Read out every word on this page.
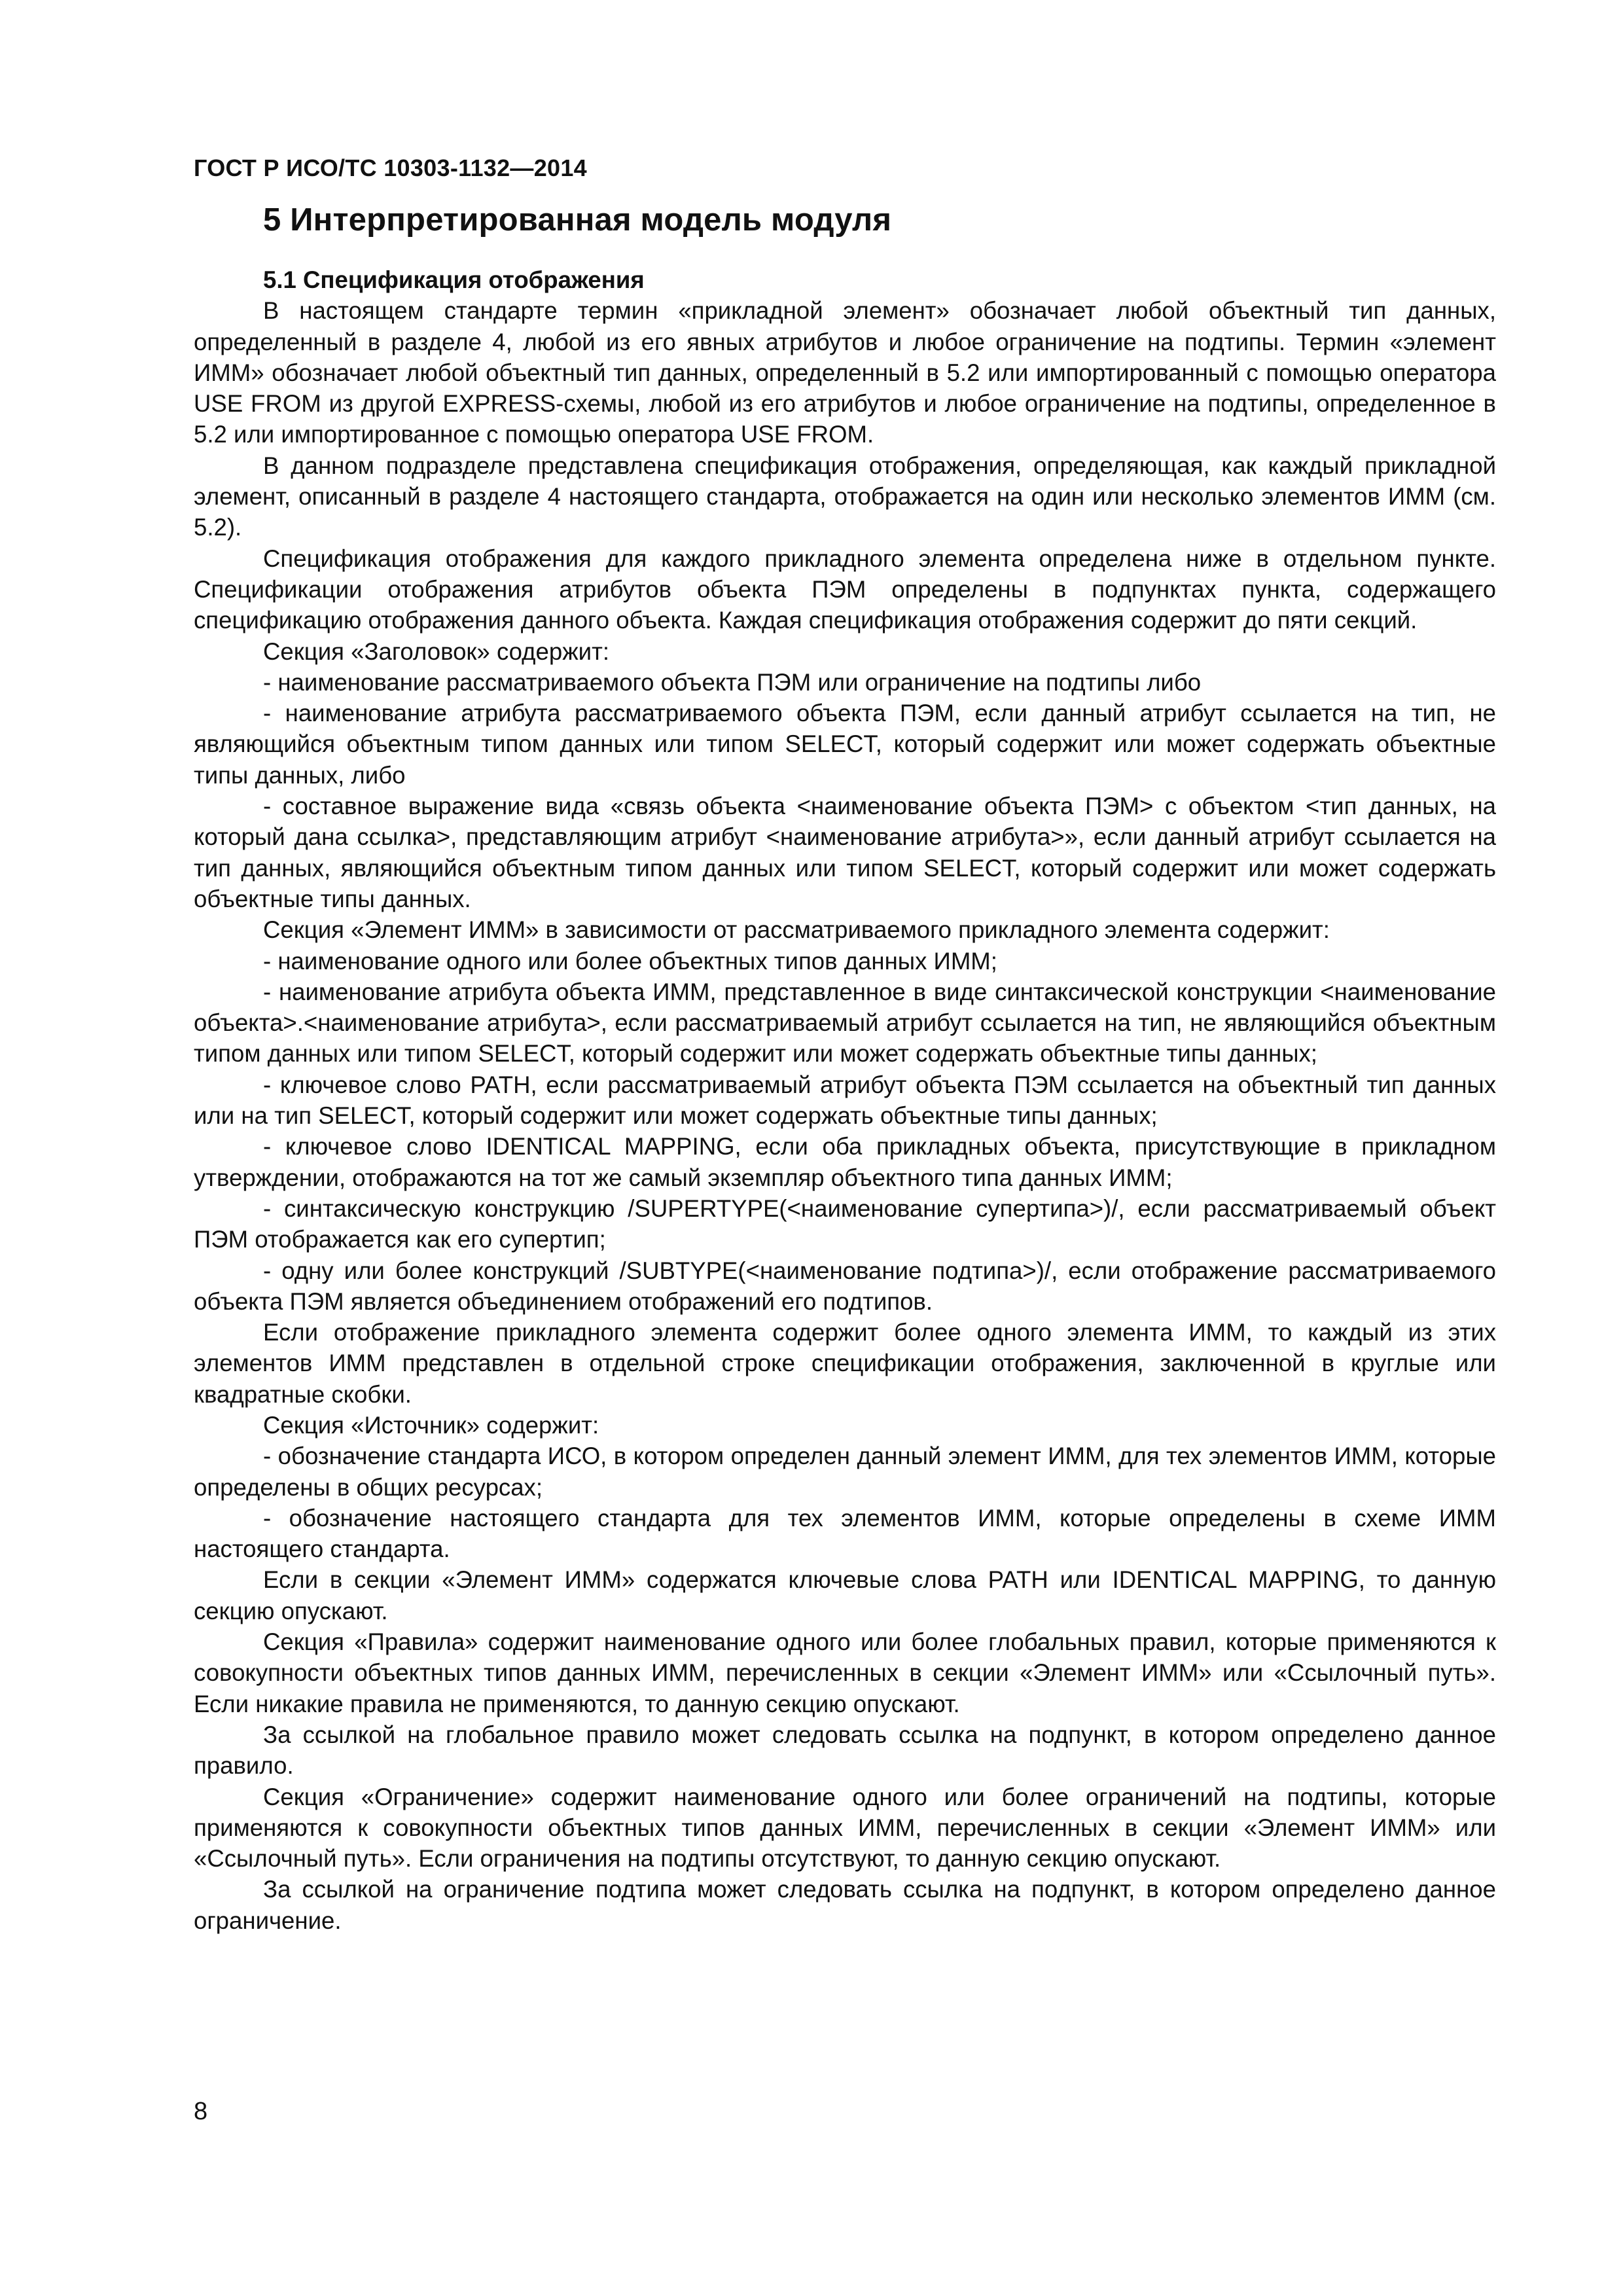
ГОСТ Р ИСО/ТС 10303-1132—2014
5 Интерпретированная модель модуля

5.1 Спецификация отображения

В настоящем стандарте термин «прикладной элемент» обозначает любой объектный тип данных, определенный в разделе 4, любой из его явных атрибутов и любое ограничение на подтипы. Термин «элемент ИММ» обозначает любой объектный тип данных, определенный в 5.2 или импортированный с помощью оператора USE FROM из другой EXPRESS-схемы, любой из его атрибутов и любое ограничение на подтипы, определенное в 5.2 или импортированное с помощью оператора USE FROM.

В данном подразделе представлена спецификация отображения, определяющая, как каждый прикладной элемент, описанный в разделе 4 настоящего стандарта, отображается на один или несколько элементов ИММ (см. 5.2).

Спецификация отображения для каждого прикладного элемента определена ниже в отдельном пункте. Спецификации отображения атрибутов объекта ПЭМ определены в подпунктах пункта, содержащего спецификацию отображения данного объекта. Каждая спецификация отображения содержит до пяти секций.

Секция «Заголовок» содержит:

- наименование рассматриваемого объекта ПЭМ или ограничение на подтипы либо

- наименование атрибута рассматриваемого объекта ПЭМ, если данный атрибут ссылается на тип, не являющийся объектным типом данных или типом SELECT, который содержит или может содержать объектные типы данных, либо

- составное выражение вида «связь объекта <наименование объекта ПЭМ> с объектом <тип данных, на который дана ссылка>, представляющим атрибут <наименование атрибута>», если данный атрибут ссылается на тип данных, являющийся объектным типом данных или типом SELECT, который содержит или может содержать объектные типы данных.

Секция «Элемент ИММ» в зависимости от рассматриваемого прикладного элемента содержит:

- наименование одного или более объектных типов данных ИММ;

- наименование атрибута объекта ИММ, представленное в виде синтаксической конструкции <наименование объекта>.<наименование атрибута>, если рассматриваемый атрибут ссылается на тип, не являющийся объектным типом данных или типом SELECT, который содержит или может содержать объектные типы данных;

- ключевое слово PATH, если рассматриваемый атрибут объекта ПЭМ ссылается на объектный тип данных или на тип SELECT, который содержит или может содержать объектные типы данных;

- ключевое слово IDENTICAL MAPPING, если оба прикладных объекта, присутствующие в прикладном утверждении, отображаются на тот же самый экземпляр объектного типа данных ИММ;

- синтаксическую конструкцию /SUPERTYPE(<наименование супертипа>)/, если рассматриваемый объект ПЭМ отображается как его супертип;

- одну или более конструкций /SUBTYPE(<наименование подтипа>)/, если отображение рассматриваемого объекта ПЭМ является объединением отображений его подтипов.

Если отображение прикладного элемента содержит более одного элемента ИММ, то каждый из этих элементов ИММ представлен в отдельной строке спецификации отображения, заключенной в круглые или квадратные скобки.

Секция «Источник» содержит:

- обозначение стандарта ИСО, в котором определен данный элемент ИММ, для тех элементов ИММ, которые определены в общих ресурсах;

- обозначение настоящего стандарта для тех элементов ИММ, которые определены в схеме ИММ настоящего стандарта.

Если в секции «Элемент ИММ» содержатся ключевые слова PATH или IDENTICAL MAPPING, то данную секцию опускают.

Секция «Правила» содержит наименование одного или более глобальных правил, которые применяются к совокупности объектных типов данных ИММ, перечисленных в секции «Элемент ИММ» или «Ссылочный путь». Если никакие правила не применяются, то данную секцию опускают.

За ссылкой на глобальное правило может следовать ссылка на подпункт, в котором определено данное правило.

Секция «Ограничение» содержит наименование одного или более ограничений на подтипы, которые применяются к совокупности объектных типов данных ИММ, перечисленных в секции «Элемент ИММ» или «Ссылочный путь». Если ограничения на подтипы отсутствуют, то данную секцию опускают.

За ссылкой на ограничение подтипа может следовать ссылка на подпункт, в котором определено данное ограничение.

8
